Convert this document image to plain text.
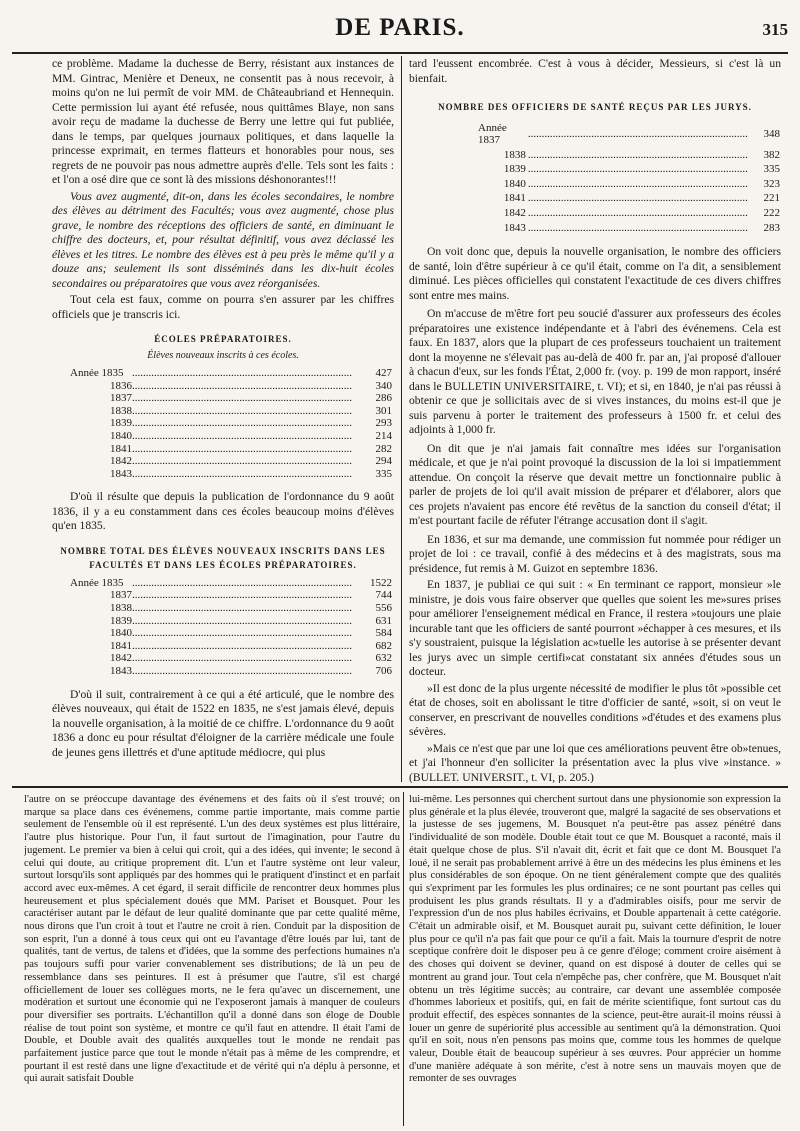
DE PARIS.	315

ce problème. Madame la duchesse de Berry, résistant aux instances de MM. Gintrac, Menière et Deneux, ne consentit pas à nous recevoir, à moins qu'on ne lui permît de voir MM. de Châteaubriand et Hennequin. Cette permission lui ayant été refusée, nous quittâmes Blaye, non sans avoir reçu de madame la duchesse de Berry une lettre qui fut publiée, dans le temps, par quelques journaux politiques, et dans laquelle la princesse exprimait, en termes flatteurs et honorables pour nous, ses regrets de ne pouvoir pas nous admettre auprès d'elle. Tels sont les faits : et l'on a osé dire que ce sont là des missions déshonorantes!!!

Vous avez augmenté, dit-on, dans les écoles secondaires, le nombre des élèves au détriment des Facultés; vous avez augmenté, chose plus grave, le nombre des réceptions des officiers de santé, en diminuant le chiffre des docteurs, et, pour résultat définitif, vous avez déclassé les élèves et les titres. Le nombre des élèves est à peu près le même qu'il y a douze ans; seulement ils sont disséminés dans les dix-huit écoles secondaires ou préparatoires que vous avez réorganisées.

Tout cela est faux, comme on pourra s'en assurer par les chiffres officiels que je transcris ici.

ÉCOLES PRÉPARATOIRES.
Élèves nouveaux inscrits à ces écoles.
Année 1835	................................................................................	427
1836	................................................................................	340
1837	................................................................................	286
1838	................................................................................	301
1839	................................................................................	293
1840	................................................................................	214
1841	................................................................................	282
1842	................................................................................	294
1843	................................................................................	335

D'où il résulte que depuis la publication de l'ordonnance du 9 août 1836, il y a eu constamment dans ces écoles beaucoup moins d'élèves qu'en 1835.

NOMBRE TOTAL DES ÉLÈVES NOUVEAUX INSCRITS DANS LES FACULTÉS ET DANS LES ÉCOLES PRÉPARATOIRES.
Année 1835	................................................................................	1522
1837	................................................................................	744
1838	................................................................................	556
1839	................................................................................	631
1840	................................................................................	584
1841	................................................................................	682
1842	................................................................................	632
1843	................................................................................	706

D'où il suit, contrairement à ce qui a été articulé, que le nombre des élèves nouveaux, qui était de 1522 en 1835, ne s'est jamais élevé, depuis la nouvelle organisation, à la moitié de ce chiffre. L'ordonnance du 9 août 1836 a donc eu pour résultat d'éloigner de la carrière médicale une foule de jeunes gens illettrés et d'une aptitude médiocre, qui plus

tard l'eussent encombrée. C'est à vous à décider, Messieurs, si c'est là un bienfait.

NOMBRE DES OFFICIERS DE SANTÉ REÇUS PAR LES JURYS.
Année 1837	................................................................................	348
1838	................................................................................	382
1839	................................................................................	335
1840	................................................................................	323
1841	................................................................................	221
1842	................................................................................	222
1843	................................................................................	283

On voit donc que, depuis la nouvelle organisation, le nombre des officiers de santé, loin d'être supérieur à ce qu'il était, comme on l'a dit, a sensiblement diminué. Les pièces officielles qui constatent l'exactitude de ces divers chiffres sont entre mes mains.

On m'accuse de m'être fort peu soucié d'assurer aux professeurs des écoles préparatoires une existence indépendante et à l'abri des événemens. Cela est faux. En 1837, alors que la plupart de ces professeurs touchaient un traitement dont la moyenne ne s'élevait pas au-delà de 400 fr. par an, j'ai proposé d'allouer à chacun d'eux, sur les fonds l'État, 2,000 fr. (voy. p. 199 de mon rapport, inséré dans le BULLETIN UNIVERSITAIRE, t. VI); et si, en 1840, je n'ai pas réussi à obtenir ce que je sollicitais avec de si vives instances, du moins est-il que je suis parvenu à porter le traitement des professeurs à 1500 fr. et celui des adjoints à 1,000 fr.

On dit que je n'ai jamais fait connaître mes idées sur l'organisation médicale, et que je n'ai point provoqué la discussion de la loi si impatiemment attendue. On conçoit la réserve que devait mettre un fonctionnaire public à parler de projets de loi qu'il avait mission de préparer et d'élaborer, alors que ces projets n'avaient pas encore été revêtus de la sanction du conseil d'état; il m'est pourtant facile de réfuter l'étrange accusation dont il s'agit.

En 1836, et sur ma demande, une commission fut nommée pour rédiger un projet de loi : ce travail, confié à des médecins et à des magistrats, sous ma présidence, fut remis à M. Guizot en septembre 1836.

En 1837, je publiai ce qui suit : « En terminant ce rapport, monsieur »le ministre, je dois vous faire observer que quelles que soient les me»sures prises pour améliorer l'enseignement médical en France, il restera »toujours une plaie incurable tant que les officiers de santé pourront »échapper à ces mesures, et ils s'y soustraient, puisque la législation ac»tuelle les autorise à se présenter devant les jurys avec un simple certifi»cat constatant six années d'études sous un docteur.

»Il est donc de la plus urgente nécessité de modifier le plus tôt »possible cet état de choses, soit en abolissant le titre d'officier de santé, »soit, si on veut le conserver, en prescrivant de nouvelles conditions »d'études et des examens plus sévères.

»Mais ce n'est que par une loi que ces améliorations peuvent être ob»tenues, et j'ai l'honneur d'en solliciter la présentation avec la plus vive »instance. » (BULLET. UNIVERSIT., t. VI, p. 205.)

l'autre on se préoccupe davantage des événemens et des faits où il s'est trouvé; on marque sa place dans ces événemens, comme partie importante, mais comme partie seulement de l'ensemble où il est représenté. L'un des deux systèmes est plus littéraire, l'autre plus historique. Pour l'un, il faut surtout de l'imagination, pour l'autre du jugement. Le premier va bien à celui qui croit, qui a des idées, qui invente; le second à celui qui doute, au critique proprement dit. L'un et l'autre système ont leur valeur, surtout lorsqu'ils sont appliqués par des hommes qui le pratiquent d'instinct et en parfait accord avec eux-mêmes. A cet égard, il serait difficile de rencontrer deux hommes plus heureusement et plus spécialement doués que MM. Pariset et Bousquet. Pour les caractériser autant par le défaut de leur qualité dominante que par cette qualité même, nous dirons que l'un croit à tout et l'autre ne croit à rien. Conduit par la disposition de son esprit, l'un a donné à tous ceux qui ont eu l'avantage d'être loués par lui, tant de qualités, tant de vertus, de talens et d'idées, que la somme des perfections humaines n'a pas toujours suffi pour varier convenablement ses distributions; de là un peu de ressemblance dans ses peintures. Il est à présumer que l'autre, s'il est chargé officiellement de louer ses collègues morts, ne le fera qu'avec un discernement, une modération et surtout une économie qui ne l'exposeront jamais à manquer de couleurs pour diversifier ses portraits. L'échantillon qu'il a donné dans son éloge de Double réalise de tout point son système, et montre ce qu'il faut en attendre. Il était l'ami de Double, et Double avait des qualités auxquelles tout le monde ne rendait pas parfaitement justice parce que tout le monde n'était pas à même de les comprendre, et pourtant il est resté dans une ligne d'exactitude et de vérité qui n'a déplu à personne, et qui aurait satisfait Double

lui-même. Les personnes qui cherchent surtout dans une physionomie son expression la plus générale et la plus élevée, trouveront que, malgré la sagacité de ses observations et la justesse de ses jugemens, M. Bousquet n'a peut-être pas assez pénétré dans l'individualité de son modèle. Double était tout ce que M. Bousquet a raconté, mais il était quelque chose de plus. S'il n'avait dit, écrit et fait que ce dont M. Bousquet l'a loué, il ne serait pas probablement arrivé à être un des médecins les plus éminens et les plus considérables de son époque. On ne tient généralement compte que des qualités qui s'expriment par les formules les plus ordinaires; ce ne sont pourtant pas celles qui produisent les plus grands résultats. Il y a d'admirables oisifs, pour me servir de l'expression d'un de nos plus habiles écrivains, et Double appartenait à cette catégorie. C'était un admirable oisif, et M. Bousquet aurait pu, suivant cette définition, le louer plus pour ce qu'il n'a pas fait que pour ce qu'il a fait. Mais la tournure d'esprit de notre sceptique confrère doit le disposer peu à ce genre d'éloge; comment croire aisément à des choses qui doivent se deviner, quand on est disposé à douter de celles qui se montrent au grand jour. Tout cela n'empêche pas, cher confrère, que M. Bousquet n'ait obtenu un très légitime succès; au contraire, car devant une assemblée composée d'hommes laborieux et positifs, qui, en fait de mérite scientifique, font surtout cas du produit effectif, des espèces sonnantes de la science, peut-être aurait-il moins réussi à louer un genre de supériorité plus accessible au sentiment qu'à la démonstration. Quoi qu'il en soit, nous n'en pensons pas moins que, comme tous les hommes de quelque valeur, Double était de beaucoup supérieur à ses œuvres. Pour apprécier un homme d'une manière adéquate à son mérite, c'est à notre sens un mauvais moyen que de remonter de ses ouvrages
